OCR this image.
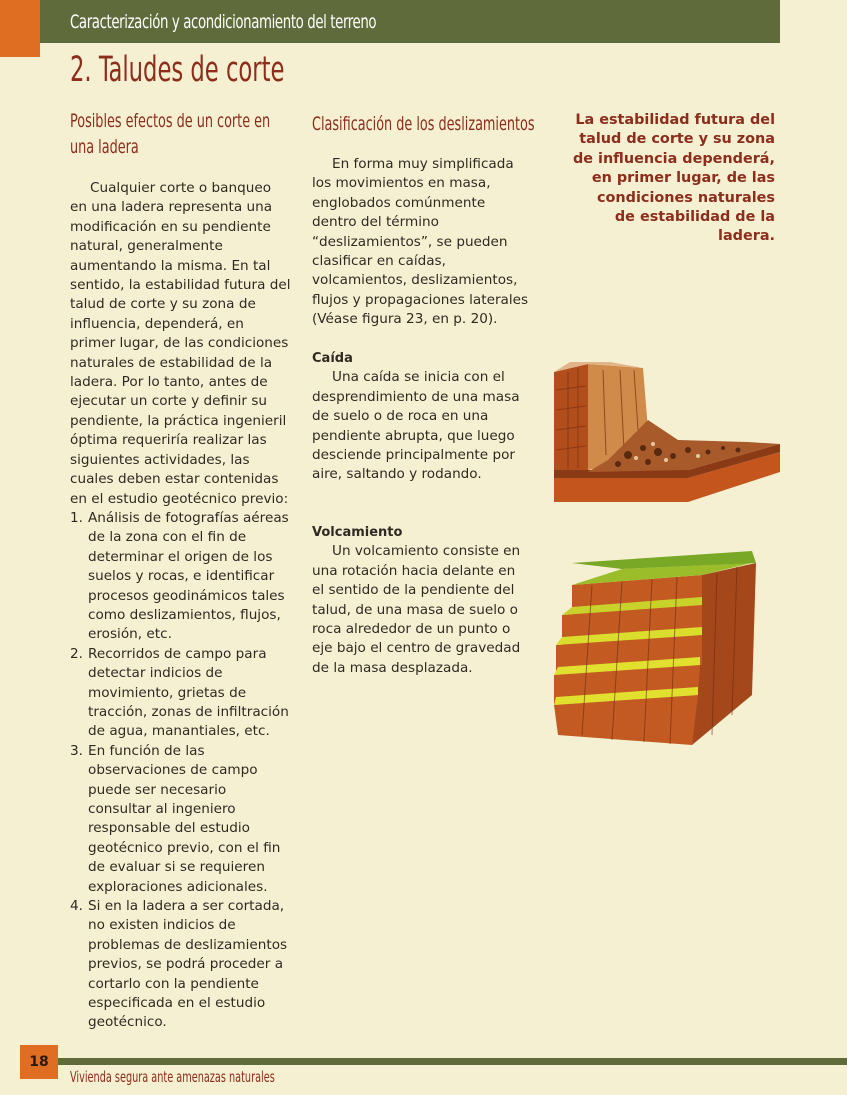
Caracterización y acondicionamiento del terreno
2. Taludes de corte
Posibles efectos de un corte en
una ladera

Cualquier corte o banqueo en una ladera representa una modificación en su pendiente natural, generalmente aumentando la misma. En tal sentido, la estabilidad futura del talud de corte y su zona de influencia, dependerá, en primer lugar, de las condiciones naturales de estabilidad de la ladera. Por lo tanto, antes de ejecutar un corte y definir su pendiente, la práctica ingenieril óptima requeriría realizar las siguientes actividades, las cuales deben estar contenidas en el estudio geotécnico previo:

1. Análisis de fotografías aéreas de la zona con el fin de determinar el origen de los suelos y rocas, e identificar procesos geodinámicos tales como deslizamientos, flujos, erosión, etc.
2. Recorridos de campo para detectar indicios de movimiento, grietas de tracción, zonas de infiltración de agua, manantiales, etc.
3. En función de las observaciones de campo puede ser necesario consultar al ingeniero responsable del estudio geotécnico previo, con el fin de evaluar si se requieren exploraciones adicionales.
4. Si en la ladera a ser cortada, no existen indicios de problemas de deslizamientos previos, se podrá proceder a cortarlo con la pendiente especificada en el estudio geotécnico.
Clasificación de los deslizamientos

En forma muy simplificada los movimientos en masa, englobados comúnmente dentro del término “deslizamientos”, se pueden clasificar en caídas, volcamientos, deslizamientos, flujos y propagaciones laterales (Véase figura 23, en p. 20).

Caída

Una caída se inicia con el desprendimiento de una masa de suelo o de roca en una pendiente abrupta, que luego desciende principalmente por aire, saltando y rodando.

Volcamiento

Un volcamiento consiste en una rotación hacia delante en el sentido de la pendiente del talud, de una masa de suelo o roca alrededor de un punto o eje bajo el centro de gravedad de la masa desplazada.

La estabilidad futura del talud de corte y su zona de influencia dependerá, en primer lugar, de las condiciones naturales de estabilidad de la ladera.
18
Vivienda segura ante amenazas naturales
